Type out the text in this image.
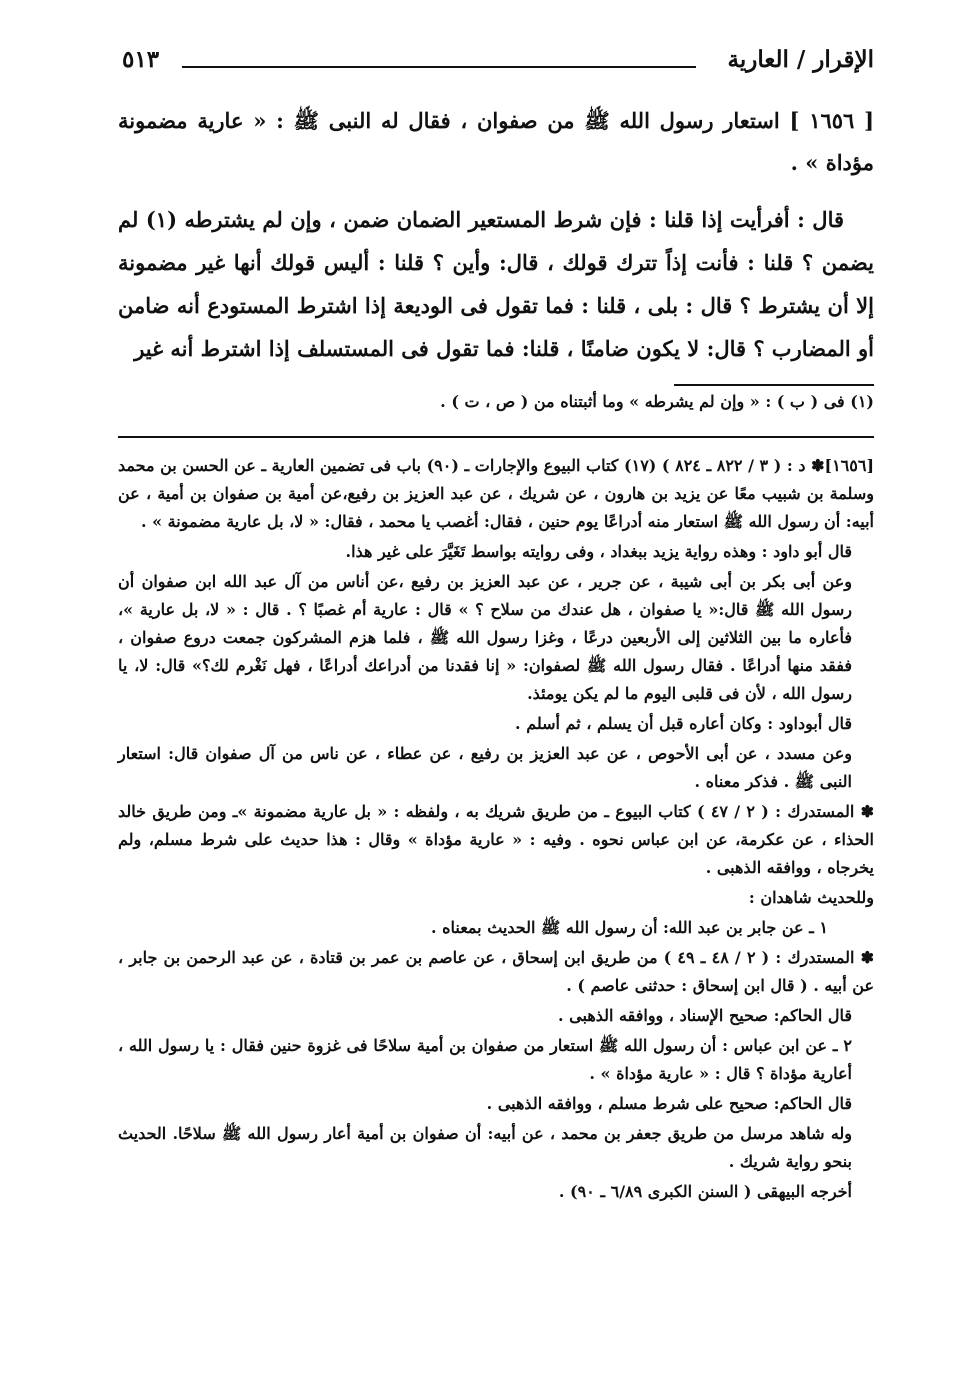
الإقرار / العارية
٥١٣

[ ١٦٥٦ ] استعار رسول الله ﷺ من صفوان ، فقال له النبى ﷺ : « عارية مضمونة مؤداة » .

قال : أفرأيت إذا قلنا : فإن شرط المستعير الضمان ضمن ، وإن لم يشترطه (١) لم يضمن ؟ قلنا : فأنت إذاً تترك قولك ، قال: وأين ؟ قلنا : أليس قولك أنها غير مضمونة إلا أن يشترط ؟ قال : بلى ، قلنا : فما تقول فى الوديعة إذا اشترط المستودع أنه ضامن أو المضارب ؟ قال: لا يكون ضامنًا ، قلنا: فما تقول فى المستسلف إذا اشترط أنه غير

(١) فى ( ب ) : « وإن لم يشرطه » وما أثبتناه من ( ص ، ت ) .

[١٦٥٦]✽ د : ( ٣ / ٨٢٢ ـ ٨٢٤ ) (١٧) كتاب البيوع والإجارات ـ (٩٠) باب فى تضمين العارية ـ عن الحسن بن محمد وسلمة بن شبيب معًا عن يزيد بن هارون ، عن شريك ، عن عبد العزيز بن رفيع،عن أمية بن صفوان بن أمية ، عن أبيه: أن رسول الله ﷺ استعار منه أدراعًا يوم حنين ، فقال: أغصب يا محمد ، فقال: « لا، بل عارية مضمونة » .

قال أبو داود : وهذه رواية يزيد ببغداد ، وفى روايته بواسط تَغَيَّرَ على غير هذا.

وعن أبى بكر بن أبى شيبة ، عن جرير ، عن عبد العزيز بن رفيع ،عن أناس من آل عبد الله ابن صفوان أن رسول الله ﷺ قال:« يا صفوان ، هل عندك من سلاح ؟ » قال : عارية أم غصبًا ؟ . قال : « لا، بل عارية »، فأعاره ما بين الثلاثين إلى الأربعين درعًا ، وغزا رسول الله ﷺ ، فلما هزم المشركون جمعت دروع صفوان ، ففقد منها أدراعًا . فقال رسول الله ﷺ لصفوان: « إنا فقدنا من أدراعك أدراعًا ، فهل نَغْرم لك؟» قال: لا، يا رسول الله ، لأن فى قلبى اليوم ما لم يكن يومئذ.

قال أبوداود : وكان أعاره قبل أن يسلم ، ثم أسلم .

وعن مسدد ، عن أبى الأحوص ، عن عبد العزيز بن رفيع ، عن عطاء ، عن ناس من آل صفوان قال: استعار النبى ﷺ . فذكر معناه .

✽ المستدرك : ( ٢ / ٤٧ ) كتاب البيوع ـ من طريق شريك به ، ولفظه : « بل عارية مضمونة »ـ ومن طريق خالد الحذاء ، عن عكرمة، عن ابن عباس نحوه . وفيه : « عارية مؤداة » وقال : هذا حديث على شرط مسلم، ولم يخرجاه ، ووافقه الذهبى .

وللحديث شاهدان :

١ ـ عن جابر بن عبد الله: أن رسول الله ﷺ الحديث بمعناه .

✽ المستدرك : ( ٢ / ٤٨ ـ ٤٩ ) من طريق ابن إسحاق ، عن عاصم بن عمر بن قتادة ، عن عبد الرحمن بن جابر ، عن أبيه . ( قال ابن إسحاق : حدثنى عاصم ) .

قال الحاكم: صحيح الإسناد ، ووافقه الذهبى .

٢ ـ عن ابن عباس : أن رسول الله ﷺ استعار من صفوان بن أمية سلاحًا فى غزوة حنين فقال : يا رسول الله ، أعارية مؤداة ؟ قال : « عارية مؤداة » .

قال الحاكم: صحيح على شرط مسلم ، ووافقه الذهبى .

وله شاهد مرسل من طريق جعفر بن محمد ، عن أبيه: أن صفوان بن أمية أعار رسول الله ﷺ سلاحًا. الحديث بنحو رواية شريك .

أخرجه البيهقى ( السنن الكبرى ٦/٨٩ ـ ٩٠) .
